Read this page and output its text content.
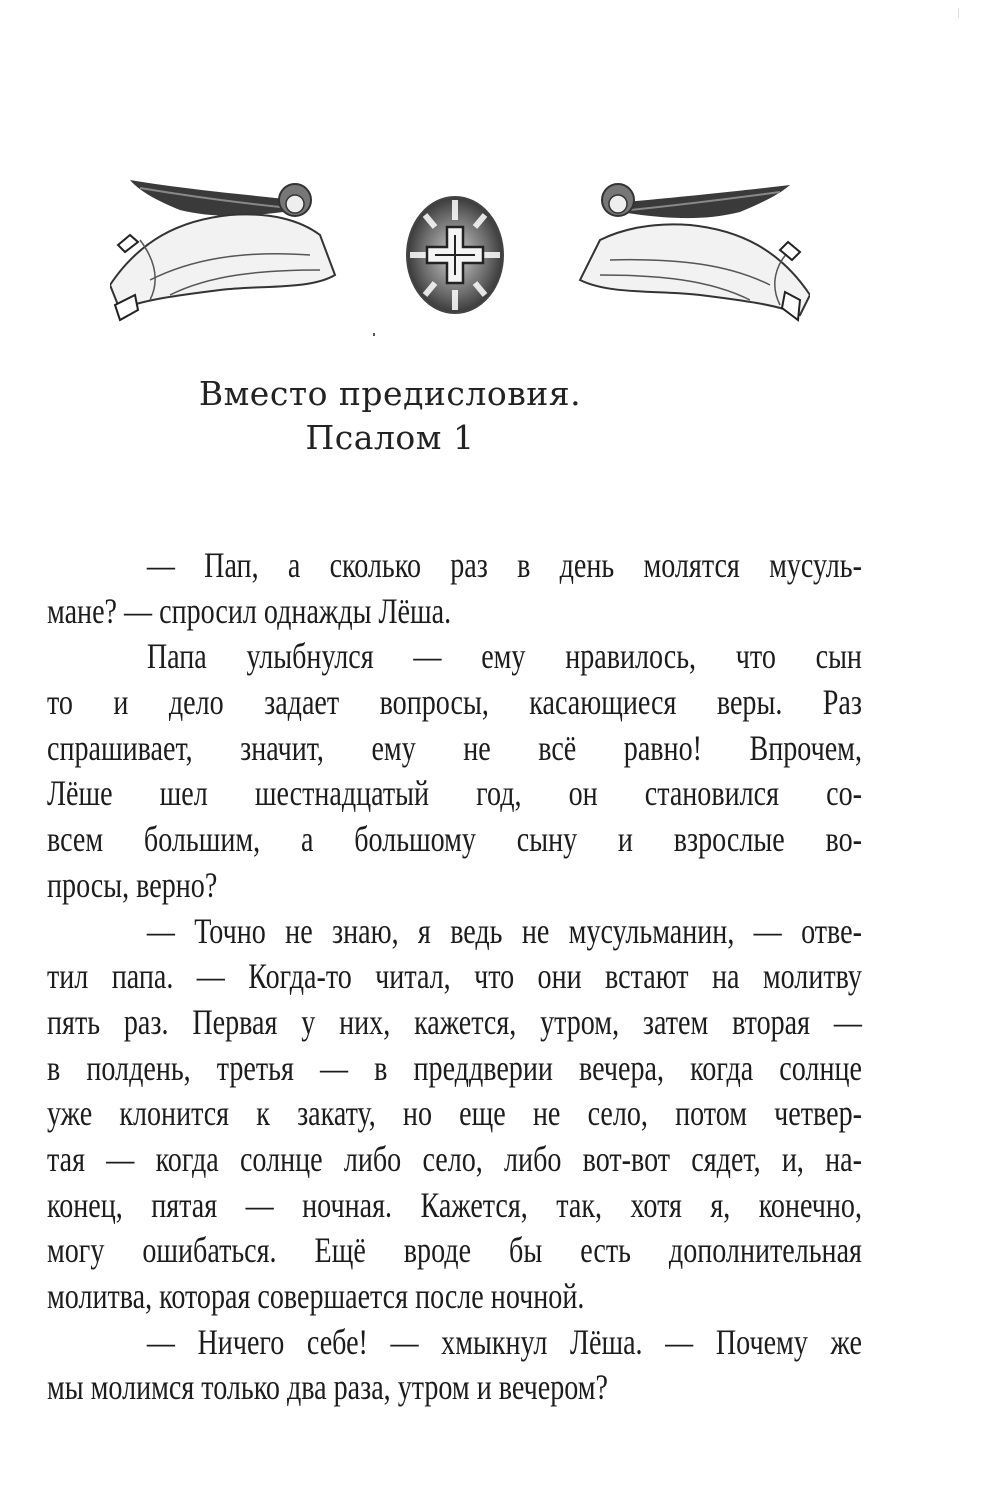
Вместо предисловия.
Псалом 1
— Пап, а сколько раз в день молятся мусуль-
мане? — спросил однажды Лёша.
Папа улыбнулся — ему нравилось, что сын
то и дело задает вопросы, касающиеся веры. Раз
спрашивает, значит, ему не всё равно! Впрочем,
Лёше шел шестнадцатый год, он становился со-
всем большим, а большому сыну и взрослые во-
просы, верно?
— Точно не знаю, я ведь не мусульманин, — отве-
тил папа. — Когда-то читал, что они встают на молитву
пять раз. Первая у них, кажется, утром, затем вторая —
в полдень, третья — в преддверии вечера, когда солнце
уже клонится к закату, но еще не село, потом четвер-
тая — когда солнце либо село, либо вот-вот сядет, и, на-
конец, пятая — ночная. Кажется, так, хотя я, конечно,
могу ошибаться. Ещё вроде бы есть дополнительная
молитва, которая совершается после ночной.
— Ничего себе! — хмыкнул Лёша. — Почему же
мы молимся только два раза, утром и вечером?
